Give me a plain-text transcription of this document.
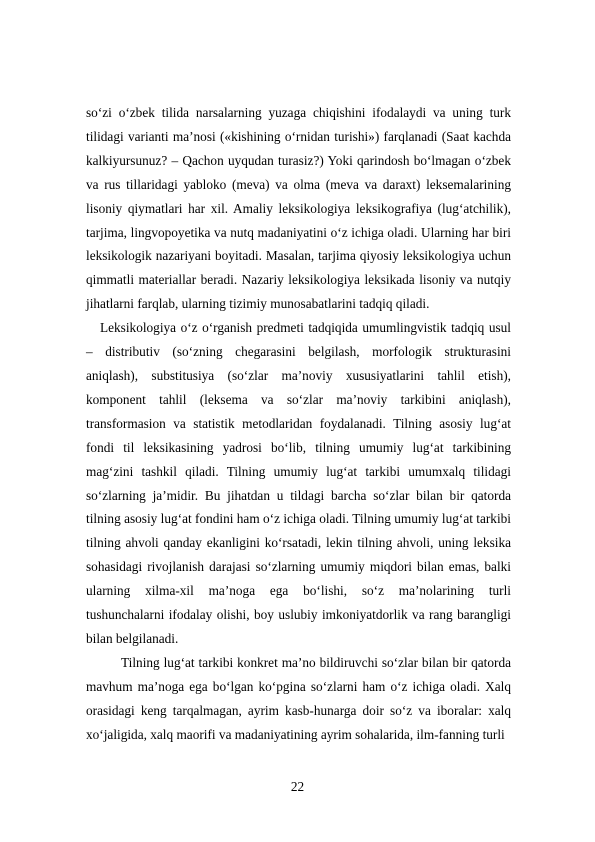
so‘zi o‘zbek tilida narsalarning yuzaga chiqishini ifodalaydi va uning turk tilidagi varianti ma’nosi («kishining o‘rnidan turishi») farqlanadi (Saat kachda kalkiyursunuz? – Qachon uyqudan turasiz?) Yoki qarindosh bo‘lmagan o‘zbek va rus tillaridagi yabloko (meva) va olma (meva va daraxt) leksemalarining lisoniy qiymatlari har xil. Amaliy leksikologiya leksikografiya (lug‘atchilik), tarjima, lingvopoyetika va nutq madaniyatini o‘z ichiga oladi. Ularning har biri leksikologik nazariyani boyitadi. Masalan, tarjima qiyosiy leksikologiya uchun qimmatli materiallar beradi. Nazariy leksikologiya leksikada lisoniy va nutqiy jihatlarni farqlab, ularning tizimiy munosabatlarini tadqiq qiladi.

Leksikologiya o‘z o‘rganish predmeti tadqiqida umumlingvistik tadqiq usul – distributiv (so‘zning chegarasini belgilash, morfologik strukturasini aniqlash), substitusiya (so‘zlar ma’noviy xususiyatlarini tahlil etish), komponent tahlil (leksema va so‘zlar ma’noviy tarkibini aniqlash), transformasion va statistik metodlaridan foydalanadi. Tilning asosiy lug‘at fondi til leksikasining yadrosi bo‘lib, tilning umumiy lug‘at tarkibining mag‘zini tashkil qiladi. Tilning umumiy lug‘at tarkibi umumxalq tilidagi so‘zlarning ja’midir. Bu jihatdan u tildagi barcha so‘zlar bilan bir qatorda tilning asosiy lug‘at fondini ham o‘z ichiga oladi. Tilning umumiy lug‘at tarkibi tilning ahvoli qanday ekanligini ko‘rsatadi, lekin tilning ahvoli, uning leksika sohasidagi rivojlanish darajasi so‘zlarning umumiy miqdori bilan emas, balki ularning xilma-xil ma’noga ega bo‘lishi, so‘z ma’nolarining turli tushunchalarni ifodalay olishi, boy uslubiy imkoniyatdorlik va rang barangligi bilan belgilanadi.

Tilning lug‘at tarkibi konkret ma’no bildiruvchi so‘zlar bilan bir qatorda mavhum ma’noga ega bo‘lgan ko‘pgina so‘zlarni ham o‘z ichiga oladi. Xalq orasidagi keng tarqalmagan, ayrim kasb-hunarga doir so‘z va iboralar: xalq xo‘jaligida, xalq maorifi va madaniyatining ayrim sohalarida, ilm-fanning turli

22
